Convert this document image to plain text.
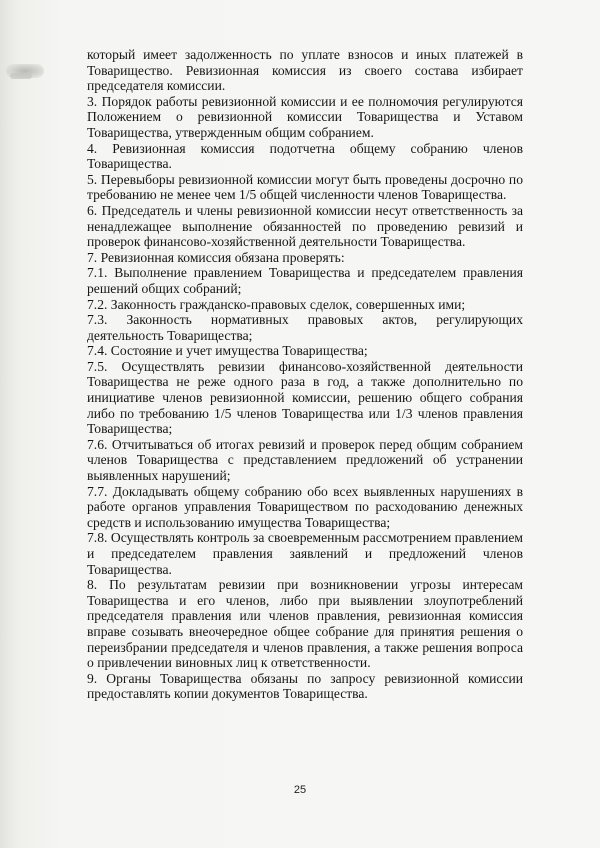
который имеет задолженность по уплате взносов и иных платежей в Товарищество. Ревизионная комиссия из своего состава избирает председателя комиссии.

3. Порядок работы ревизионной комиссии и ее полномочия регулируются Положением о ревизионной комиссии Товарищества и Уставом Товарищества, утвержденным общим собранием.

4. Ревизионная комиссия подотчетна общему собранию членов Товарищества.

5. Перевыборы ревизионной комиссии могут быть проведены досрочно по требованию не менее чем 1/5 общей численности членов Товарищества.

6. Председатель и члены ревизионной комиссии несут ответственность за ненадлежащее выполнение обязанностей по проведению ревизий и проверок финансово-хозяйственной деятельности Товарищества.

7. Ревизионная комиссия обязана проверять:

7.1. Выполнение правлением Товарищества и председателем правления решений общих собраний;

7.2. Законность гражданско-правовых сделок, совершенных ими;

7.3. Законность нормативных правовых актов, регулирующих деятельность Товарищества;

7.4. Состояние и учет имущества Товарищества;

7.5. Осуществлять ревизии финансово-хозяйственной деятельности Товарищества не реже одного раза в год, а также дополнительно по инициативе членов ревизионной комиссии, решению общего собрания либо по требованию 1/5 членов Товарищества или 1/3 членов правления Товарищества;

7.6. Отчитываться об итогах ревизий и проверок перед общим собранием членов Товарищества с представлением предложений об устранении выявленных нарушений;

7.7. Докладывать общему собранию обо всех выявленных нарушениях в работе органов управления Товариществом по расходованию денежных средств и использованию имущества Товарищества;

7.8. Осуществлять контроль за своевременным рассмотрением правлением и председателем правления заявлений и предложений членов Товарищества.

8. По результатам ревизии при возникновении угрозы интересам Товарищества и его членов, либо при выявлении злоупотреблений председателя правления или членов правления, ревизионная комиссия вправе созывать внеочередное общее собрание для принятия решения о переизбрании председателя и членов правления, а также решения вопроса о привлечении виновных лиц к ответственности.

9. Органы Товарищества обязаны по запросу ревизионной комиссии предоставлять копии документов Товарищества.

25
